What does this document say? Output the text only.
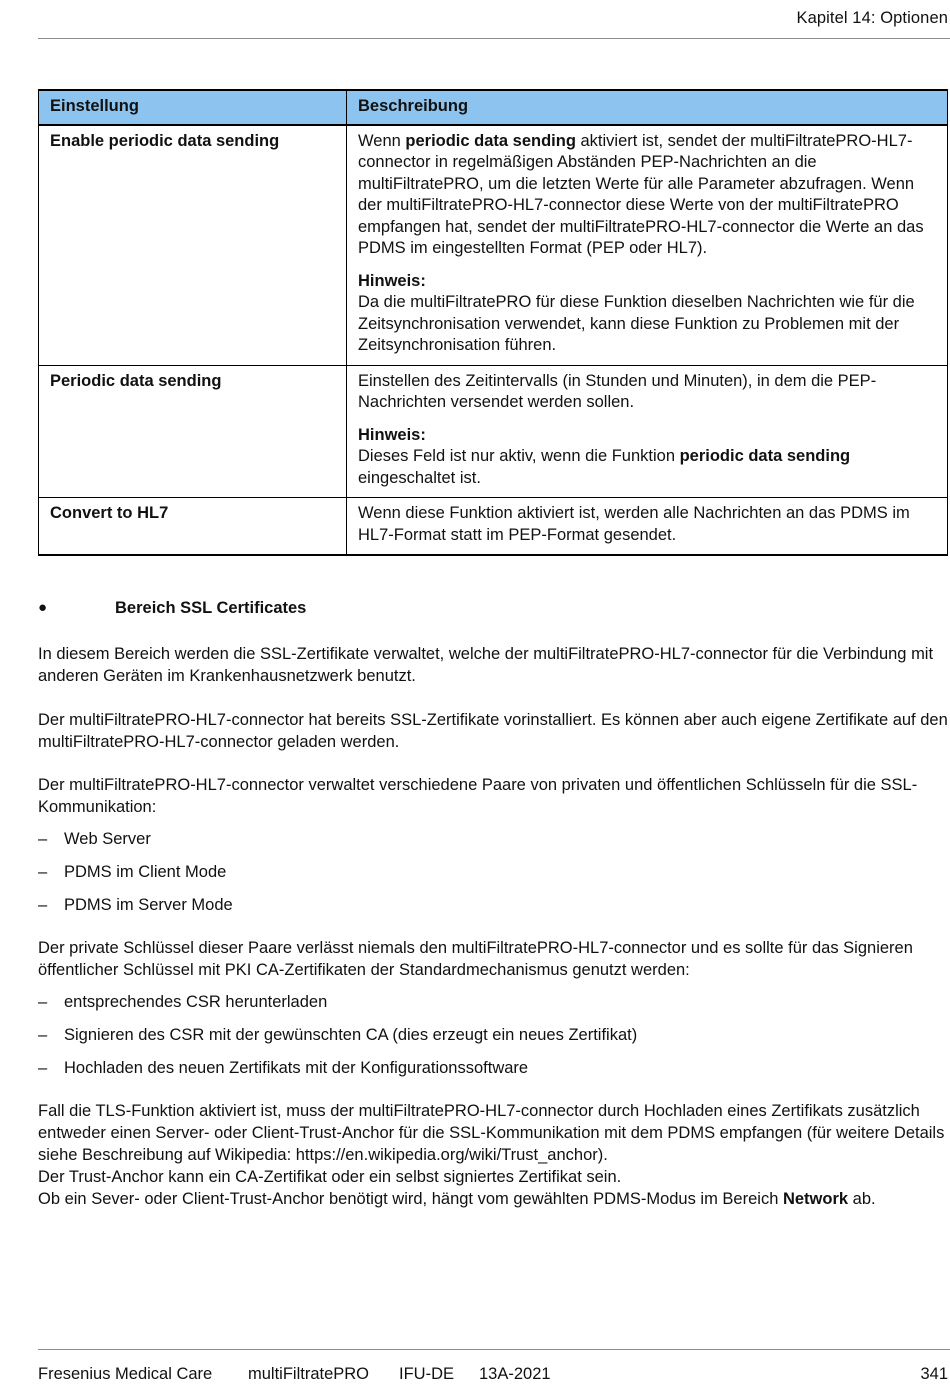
Kapitel 14: Optionen
Einstellung	Beschreibung
Enable periodic data sending	Wenn periodic data sending aktiviert ist, sendet der multiFiltratePRO-HL7-connector in regelmäßigen Abständen PEP-Nachrichten an die multiFiltratePRO, um die letzten Werte für alle Parameter abzufragen. Wenn der multiFiltratePRO-HL7-connector diese Werte von der multiFiltratePRO empfangen hat, sendet der multiFiltratePRO-HL7-connector die Werte an das PDMS im eingestellten Format (PEP oder HL7).
Hinweis:
Da die multiFiltratePRO für diese Funktion dieselben Nachrichten wie für die Zeitsynchronisation verwendet, kann diese Funktion zu Problemen mit der Zeitsynchronisation führen.

Periodic data sending	Einstellen des Zeitintervalls (in Stunden und Minuten), in dem die PEP-Nachrichten versendet werden sollen.
Hinweis:
Dieses Feld ist nur aktiv, wenn die Funktion periodic data sending eingeschaltet ist.

Convert to HL7	Wenn diese Funktion aktiviert ist, werden alle Nachrichten an das PDMS im HL7-Format statt im PEP-Format gesendet.
●	Bereich SSL Certificates
In diesem Bereich werden die SSL-Zertifikate verwaltet, welche der multiFiltratePRO-HL7-connector für die Verbindung mit anderen Geräten im Krankenhausnetzwerk benutzt.
Der multiFiltratePRO-HL7-connector hat bereits SSL-Zertifikate vorinstalliert. Es können aber auch eigene Zertifikate auf den multiFiltratePRO-HL7-connector geladen werden.
Der multiFiltratePRO-HL7-connector verwaltet verschiedene Paare von privaten und öffentlichen Schlüsseln für die SSL-Kommunikation:
– Web Server
– PDMS im Client Mode
– PDMS im Server Mode
Der private Schlüssel dieser Paare verlässt niemals den multiFiltratePRO-HL7-connector und es sollte für das Signieren öffentlicher Schlüssel mit PKI CA-Zertifikaten der Standardmechanismus genutzt werden:
– entsprechendes CSR herunterladen
– Signieren des CSR mit der gewünschten CA (dies erzeugt ein neues Zertifikat)
– Hochladen des neuen Zertifikats mit der Konfigurationssoftware

Fall die TLS-Funktion aktiviert ist, muss der multiFiltratePRO-HL7-connector durch Hochladen eines Zertifikats zusätzlich entweder einen Server- oder Client-Trust-Anchor für die SSL-Kommunikation mit dem PDMS empfangen (für weitere Details siehe Beschreibung auf Wikipedia: https://en.wikipedia.org/wiki/Trust_anchor).

Der Trust-Anchor kann ein CA-Zertifikat oder ein selbst signiertes Zertifikat sein.

Ob ein Sever- oder Client-Trust-Anchor benötigt wird, hängt vom gewählten PDMS-Modus im Bereich Network ab.

Fresenius Medical Care multiFiltratePRO IFU-DE 13A-2021	341
